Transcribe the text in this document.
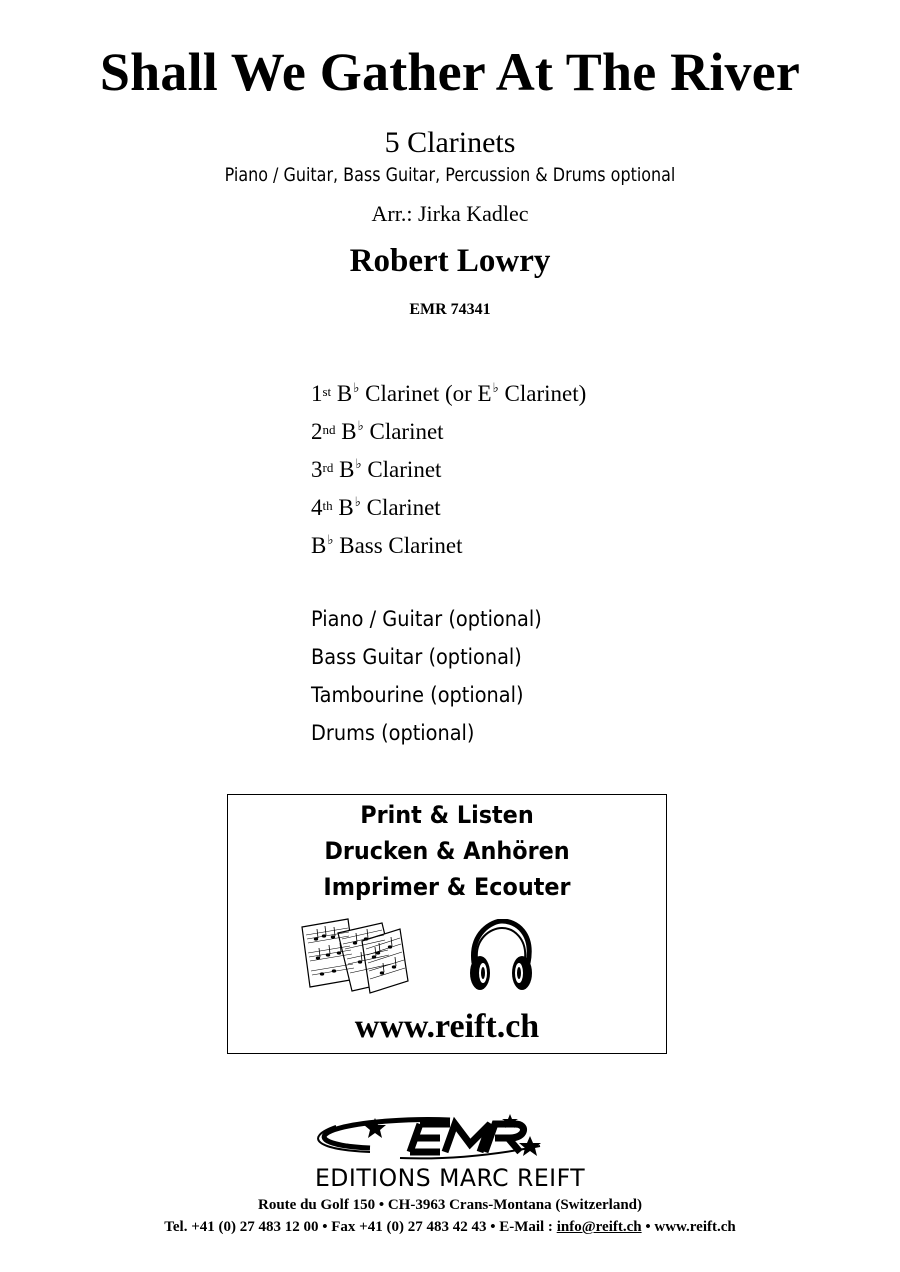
Shall We Gather At The River
5 Clarinets
Piano / Guitar, Bass Guitar, Percussion & Drums optional
Arr.: Jirka Kadlec
Robert Lowry
EMR 74341
1st B♭ Clarinet (or E♭ Clarinet)
2nd B♭ Clarinet
3rd B♭ Clarinet
4th B♭ Clarinet
B♭ Bass Clarinet
Piano / Guitar (optional)
Bass Guitar (optional)
Tambourine (optional)
Drums (optional)
Print & Listen
Drucken & Anhören
Imprimer & Ecouter
www.reift.ch
EDITIONS MARC REIFT
Route du Golf 150 • CH-3963 Crans-Montana (Switzerland)
Tel. +41 (0) 27 483 12 00 • Fax +41 (0) 27 483 42 43 • E-Mail : info@reift.ch • www.reift.ch
